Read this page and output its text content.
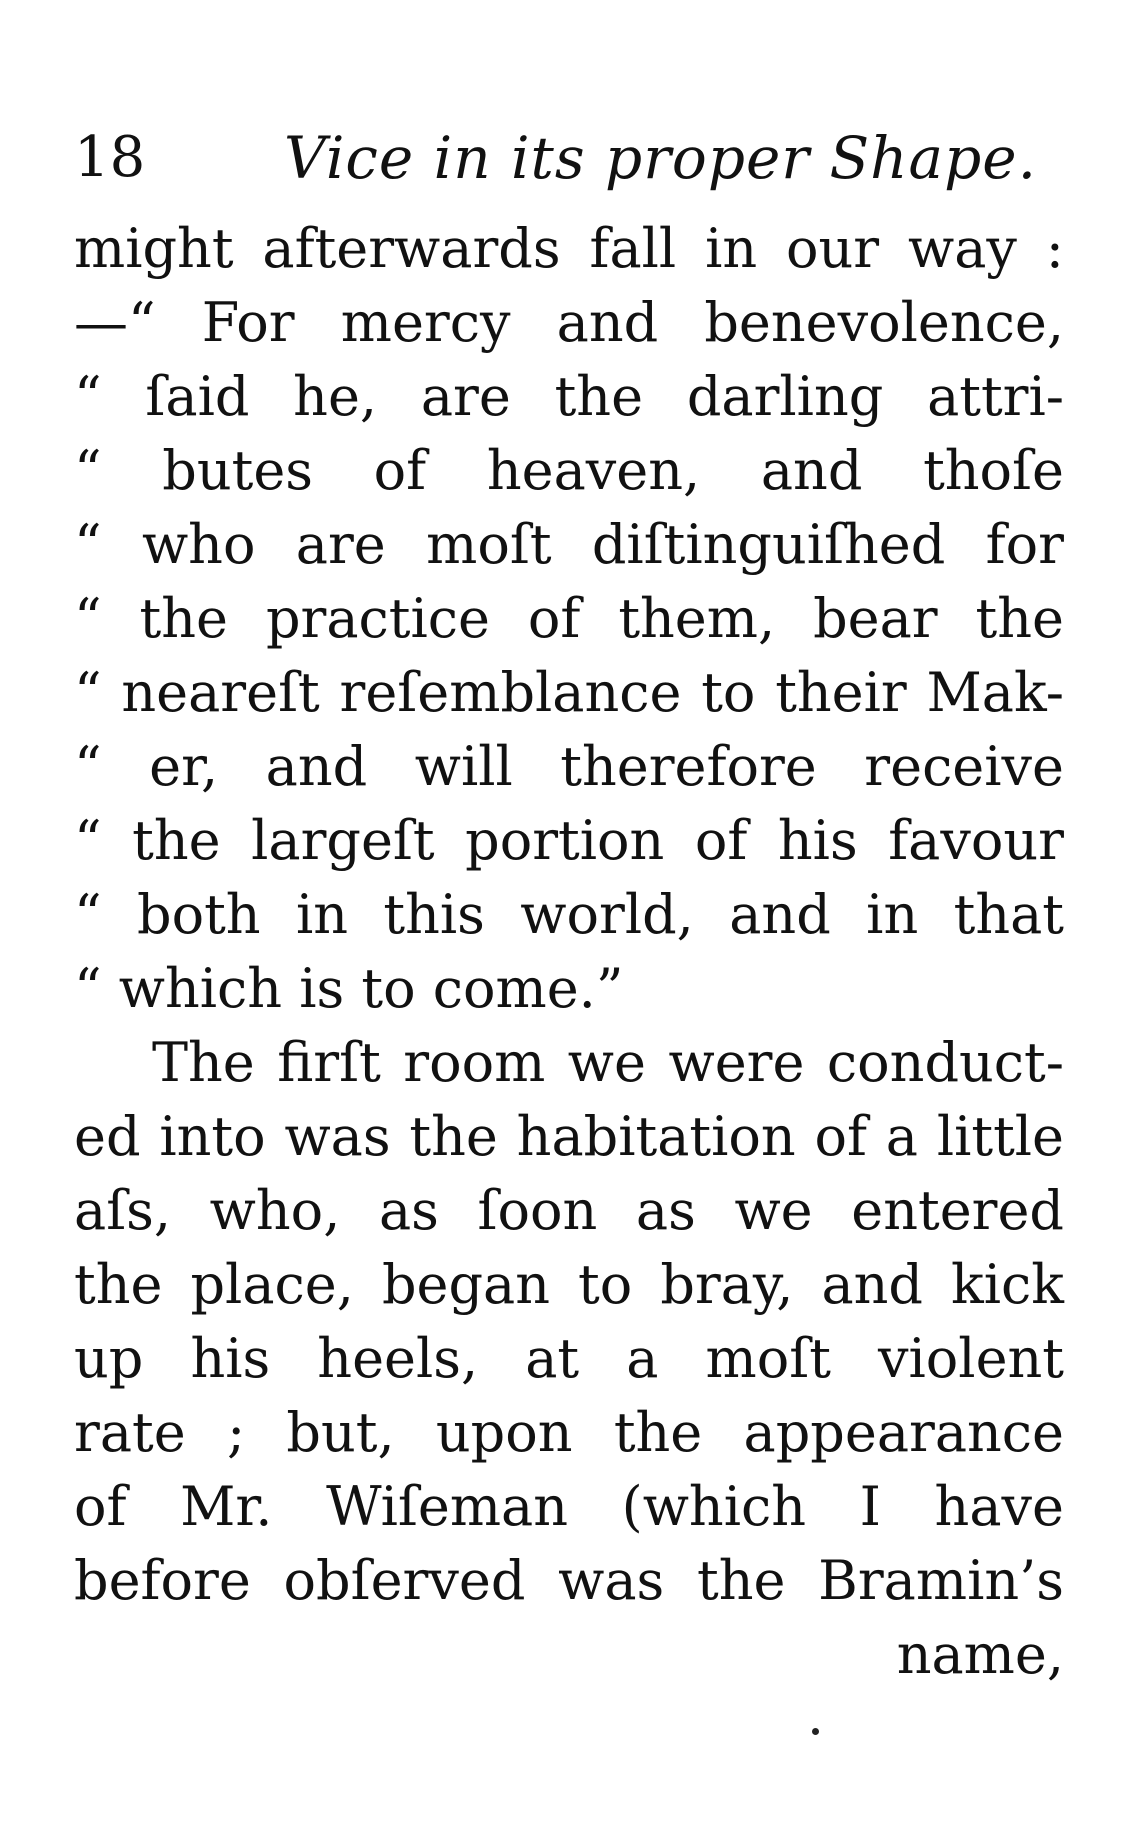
18 Vice in its proper Shape.
might afterwards fall in our way :
—“ For mercy and benevolence,
“ ſaid he, are the darling attri-
“ butes of heaven, and thoſe
“ who are moſt diſtinguiſhed for
“ the practice of them, bear the
“ neareſt reſemblance to their Mak-
“ er, and will therefore receive
“ the largeſt portion of his favour
“ both in this world, and in that
“ which is to come.”
The firſt room we were conduct-
ed into was the habitation of a little
aſs, who, as ſoon as we entered
the place, began to bray, and kick
up his heels, at a moſt violent
rate ; but, upon the appearance
of Mr. Wiſeman (which I have
before obſerved was the Bramin’s
name,
